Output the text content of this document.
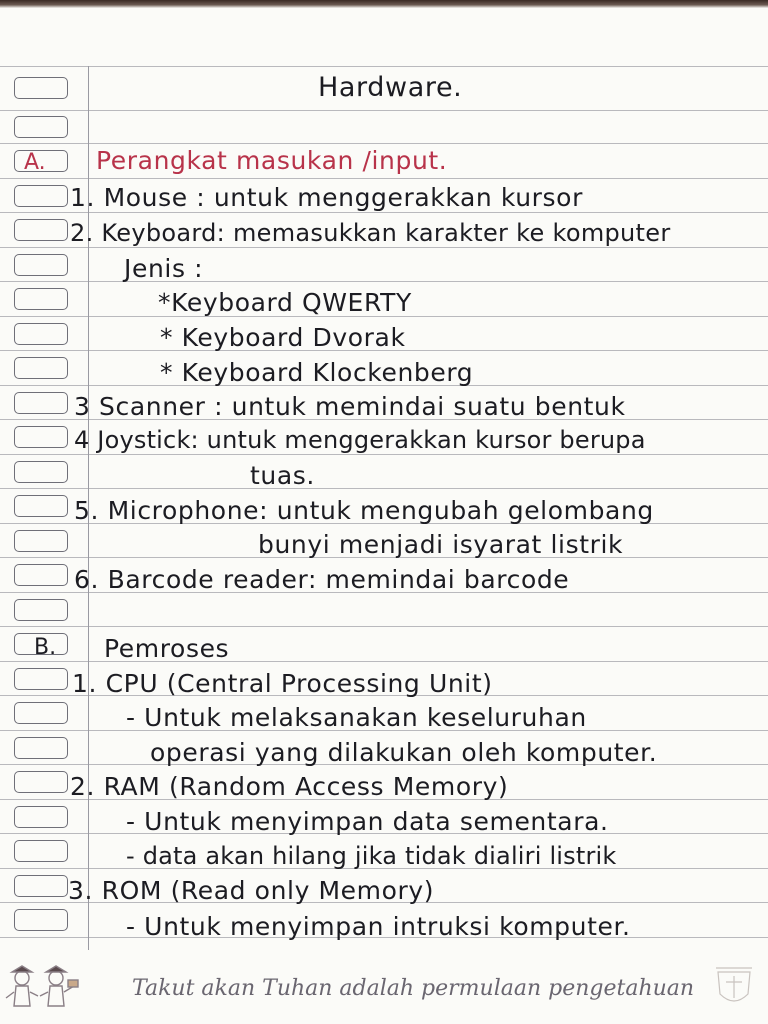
A.
B.
Hardware.
Perangkat masukan /input.
1. Mouse : untuk menggerakkan kursor
2. Keyboard: memasukkan karakter ke komputer
Jenis :
*Keyboard QWERTY
* Keyboard Dvorak
* Keyboard Klockenberg
3 Scanner : untuk memindai suatu bentuk
4 Joystick: untuk menggerakkan kursor berupa
tuas.
5. Microphone: untuk mengubah gelombang
bunyi menjadi isyarat listrik
6. Barcode reader: memindai barcode
Pemroses
1. CPU (Central Processing Unit)
- Untuk melaksanakan keseluruhan
operasi yang dilakukan oleh komputer.
2. RAM (Random Access Memory)
- Untuk menyimpan data sementara.
- data akan hilang jika tidak dialiri listrik
3. ROM (Read only Memory)
- Untuk menyimpan intruksi komputer.
Takut akan Tuhan adalah permulaan pengetahuan
